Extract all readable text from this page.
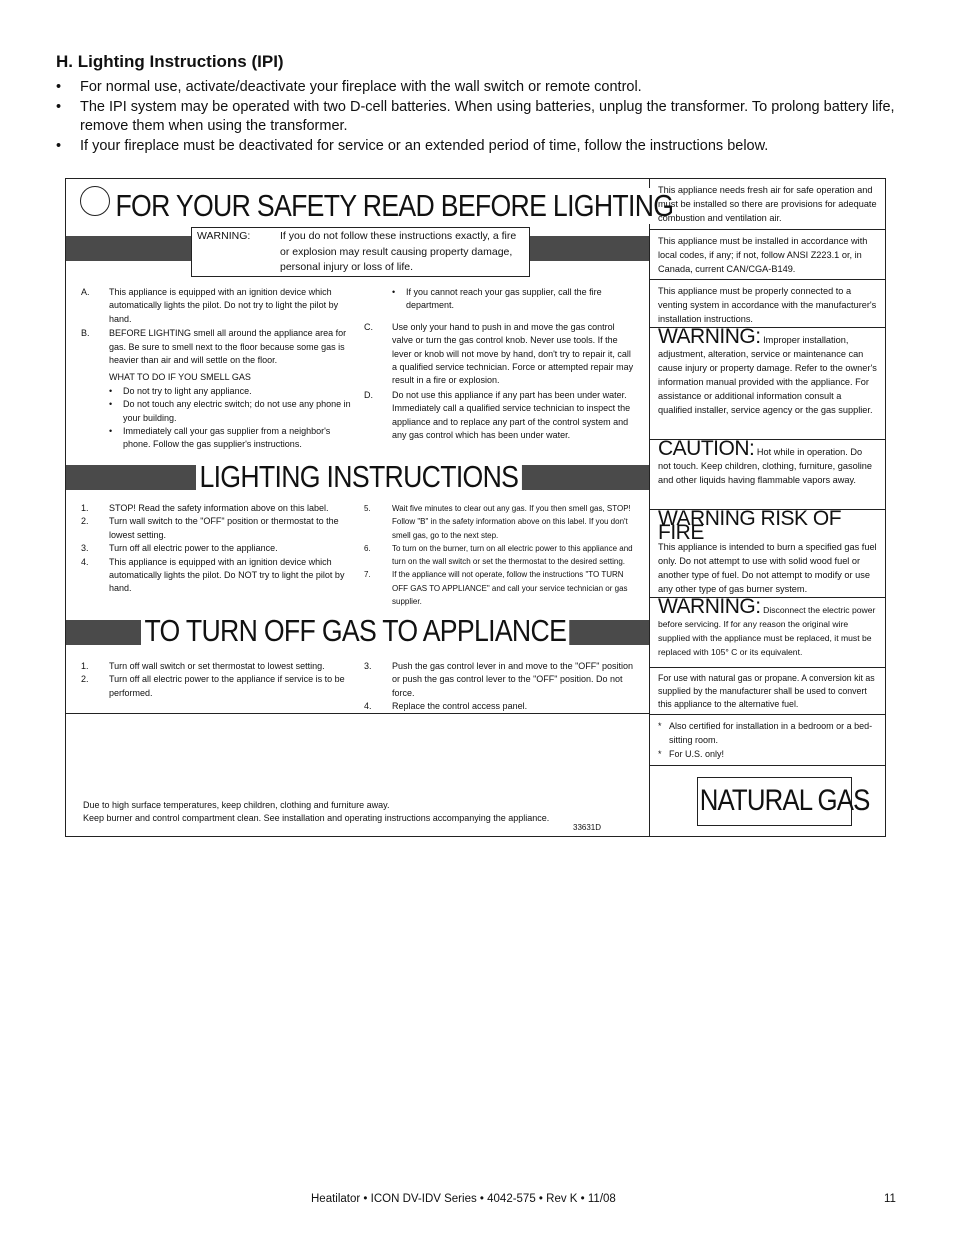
H. Lighting Instructions (IPI)
• For normal use, activate/deactivate your fireplace with the wall switch or remote control.
• The IPI system may be operated with two D-cell batteries. When using batteries, unplug the transformer. To prolong battery life, remove them when using the transformer.
• If your fireplace must be deactivated for service or an extended period of time, follow the instructions below.
FOR YOUR SAFETY READ BEFORE LIGHTING
WARNING:	If you do not follow these instructions exactly, a fire or explosion may result causing property damage, personal injury or loss of life.
A.	This appliance is equipped with an ignition device which automatically lights the pilot. Do not try to light the pilot by hand.
B.	BEFORE LIGHTING smell all around the appliance area for gas. Be sure to smell next to the floor because some gas is heavier than air and will settle on the floor.
WHAT TO DO IF YOU SMELL GAS
•	Do not try to light any appliance.
•	Do not touch any electric switch; do not use any phone in your building.
•	Immediately call your gas supplier from a neighbor's phone. Follow the gas supplier's instructions.
•	If you cannot reach your gas supplier, call the fire department.
C.	Use only your hand to push in and move the gas control valve or turn the gas control knob. Never use tools. If the lever or knob will not move by hand, don't try to repair it, call a qualified service technician. Force or attempted repair may result in a fire or explosion.
D.	Do not use this appliance if any part has been under water. Immediately call a qualified service technician to inspect the appliance and to replace any part of the control system and any gas control which has been under water.
LIGHTING INSTRUCTIONS
1.	STOP! Read the safety information above on this label.
2.	Turn wall switch to the "OFF" position or thermostat to the lowest setting.
3.	Turn off all electric power to the appliance.
4.	This appliance is equipped with an ignition device which automatically lights the pilot. Do NOT try to light the pilot by hand.
5.	Wait five minutes to clear out any gas. If you then smell gas, STOP! Follow "B" in the safety information above on this label. If you don't smell gas, go to the next step.
6.	To turn on the burner, turn on all electric power to this appliance and turn on the wall switch or set the thermostat to the desired setting.
7.	If the appliance will not operate, follow the instructions "TO TURN OFF GAS TO APPLIANCE" and call your service technician or gas supplier.
TO TURN OFF GAS TO APPLIANCE
1.	Turn off wall switch or set thermostat to lowest setting.
2.	Turn off all electric power to the appliance if service is to be performed.
3.	Push the gas control lever in and move to the "OFF" position or push the gas control lever to the "OFF" position. Do not force.
4.	Replace the control access panel.
Due to high surface temperatures, keep children, clothing and furniture away.
Keep burner and control compartment clean. See installation and operating instructions accompanying the appliance.
33631D
This appliance needs fresh air for safe operation and must be installed so there are provisions for adequate combustion and ventilation air.
This appliance must be installed in accordance with local codes, if any; if not, follow ANSI Z223.1 or, in Canada, current CAN/CGA-B149.
This appliance must be properly connected to a venting system in accordance with the manufacturer's installation instructions.
WARNING: Improper installation, adjustment, alteration, service or maintenance can cause injury or property damage. Refer to the owner's information manual provided with the appliance. For assistance or additional information consult a qualified installer, service agency or the gas supplier.
CAUTION: Hot while in operation. Do not touch. Keep children, clothing, furniture, gasoline and other liquids having flammable vapors away.
WARNING RISK OF FIRE
This appliance is intended to burn a specified gas fuel only. Do not attempt to use with solid wood fuel or another type of fuel. Do not attempt to modify or use any other type of gas burner system.
WARNING: Disconnect the electric power before servicing. If for any reason the original wire supplied with the appliance must be replaced, it must be replaced with 105° C or its equivalent.
For use with natural gas or propane. A conversion kit as supplied by the manufacturer shall be used to convert this appliance to the alternative fuel.
* Also certified for installation in a bedroom or a bed-sitting room.
* For U.S. only!
NATURAL GAS
Heatilator • ICON DV-IDV Series • 4042-575 • Rev K • 11/08	11
